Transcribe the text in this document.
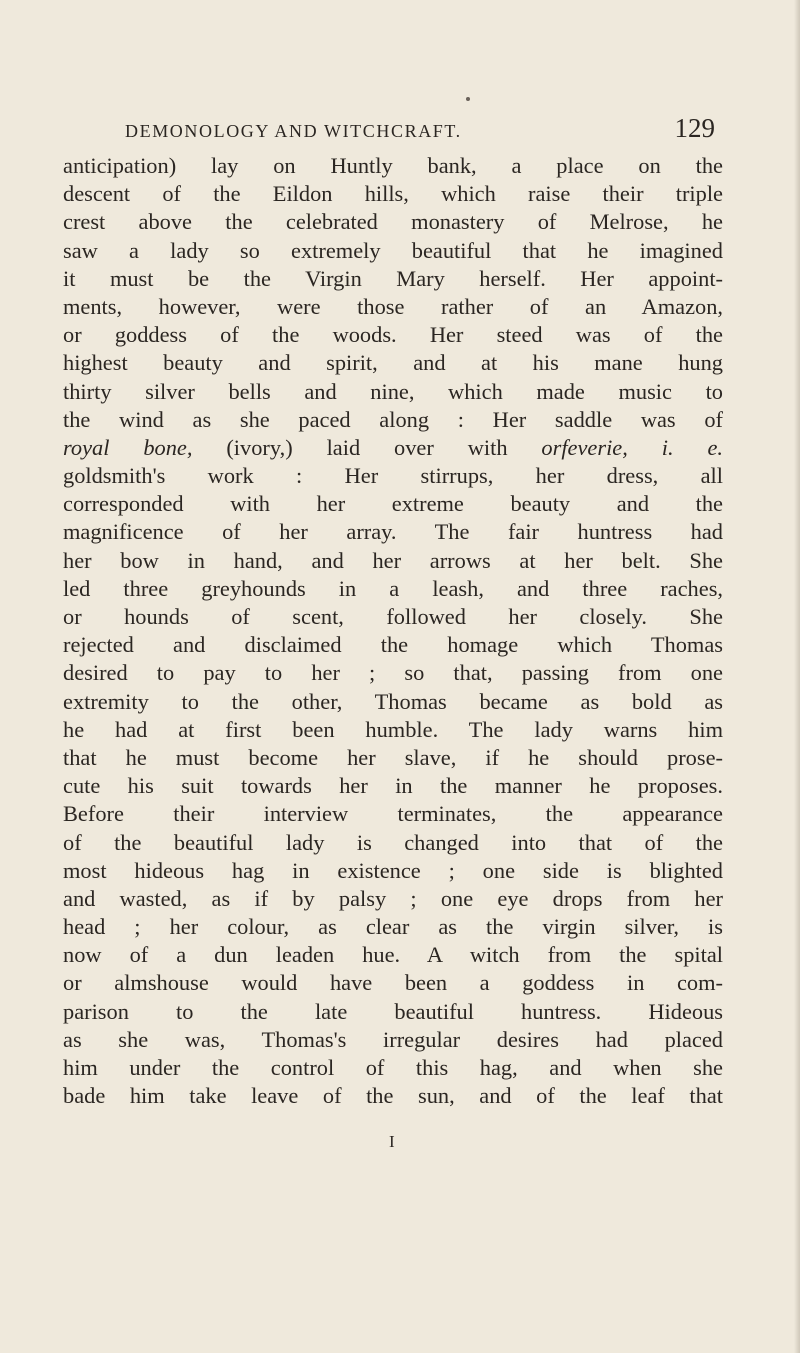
DEMONOLOGY AND WITCHCRAFT.	129
anticipation) lay on Huntly bank, a place on the
descent of the Eildon hills, which raise their triple
crest above the celebrated monastery of Melrose, he
saw a lady so extremely beautiful that he imagined
it must be the Virgin Mary herself. Her appoint-
ments, however, were those rather of an Amazon,
or goddess of the woods. Her steed was of the
highest beauty and spirit, and at his mane hung
thirty silver bells and nine, which made music to
the wind as she paced along : Her saddle was of
royal bone, (ivory,) laid over with orfeverie, i. e.
goldsmith's work : Her stirrups, her dress, all
corresponded with her extreme beauty and the
magnificence of her array. The fair huntress had
her bow in hand, and her arrows at her belt. She
led three greyhounds in a leash, and three raches,
or hounds of scent, followed her closely. She
rejected and disclaimed the homage which Thomas
desired to pay to her ; so that, passing from one
extremity to the other, Thomas became as bold as
he had at first been humble. The lady warns him
that he must become her slave, if he should prose-
cute his suit towards her in the manner he proposes.
Before their interview terminates, the appearance
of the beautiful lady is changed into that of the
most hideous hag in existence ; one side is blighted
and wasted, as if by palsy ; one eye drops from her
head ; her colour, as clear as the virgin silver, is
now of a dun leaden hue. A witch from the spital
or almshouse would have been a goddess in com-
parison to the late beautiful huntress. Hideous
as she was, Thomas's irregular desires had placed
him under the control of this hag, and when she
bade him take leave of the sun, and of the leaf that
I
